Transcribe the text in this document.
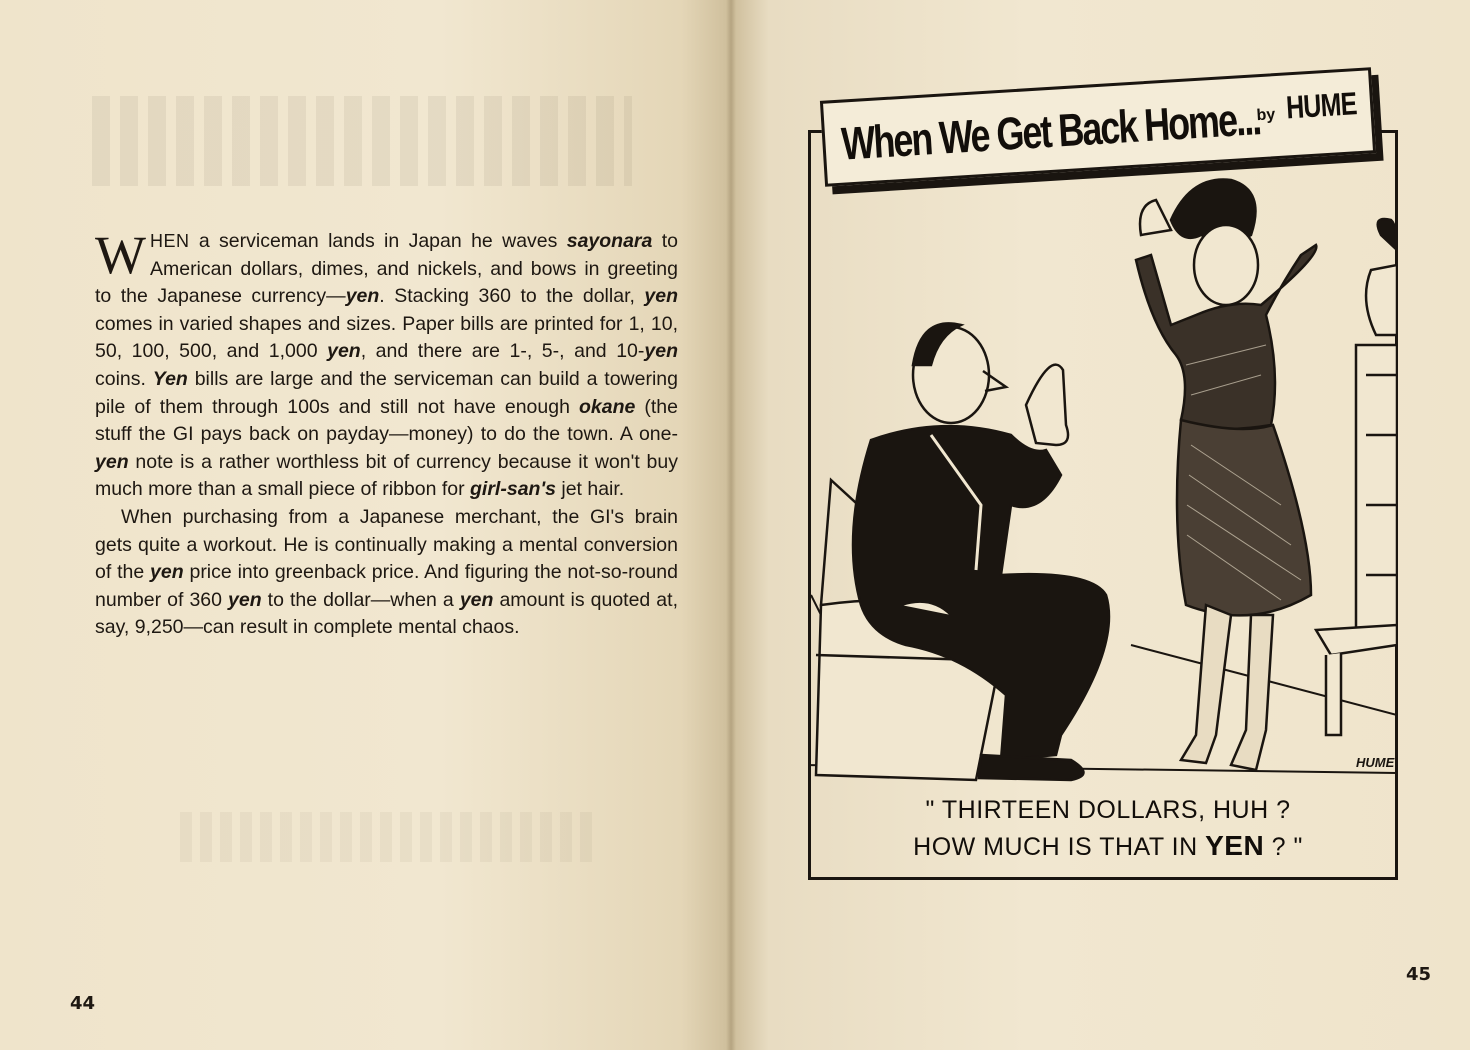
WHEN a serviceman lands in Japan he waves sayonara to American dollars, dimes, and nickels, and bows in greeting to the Japanese currency—yen. Stacking 360 to the dollar, yen comes in varied shapes and sizes. Paper bills are printed for 1, 10, 50, 100, 500, and 1,000 yen, and there are 1-, 5-, and 10-yen coins. Yen bills are large and the serviceman can build a towering pile of them through 100s and still not have enough okane (the stuff the GI pays back on payday—money) to do the town. A one-yen note is a rather worthless bit of currency because it won't buy much more than a small piece of ribbon for girl-san's jet hair.

When purchasing from a Japanese merchant, the GI's brain gets quite a workout. He is continually making a mental conversion of the yen price into greenback price. And figuring the not-so-round number of 360 yen to the dollar—when a yen amount is quoted at, say, 9,250—can result in complete mental chaos.

44
HUME
When We Get Back Home...
by HUME
" THIRTEEN DOLLARS, HUH ?
HOW MUCH IS THAT IN YEN ? "
45
